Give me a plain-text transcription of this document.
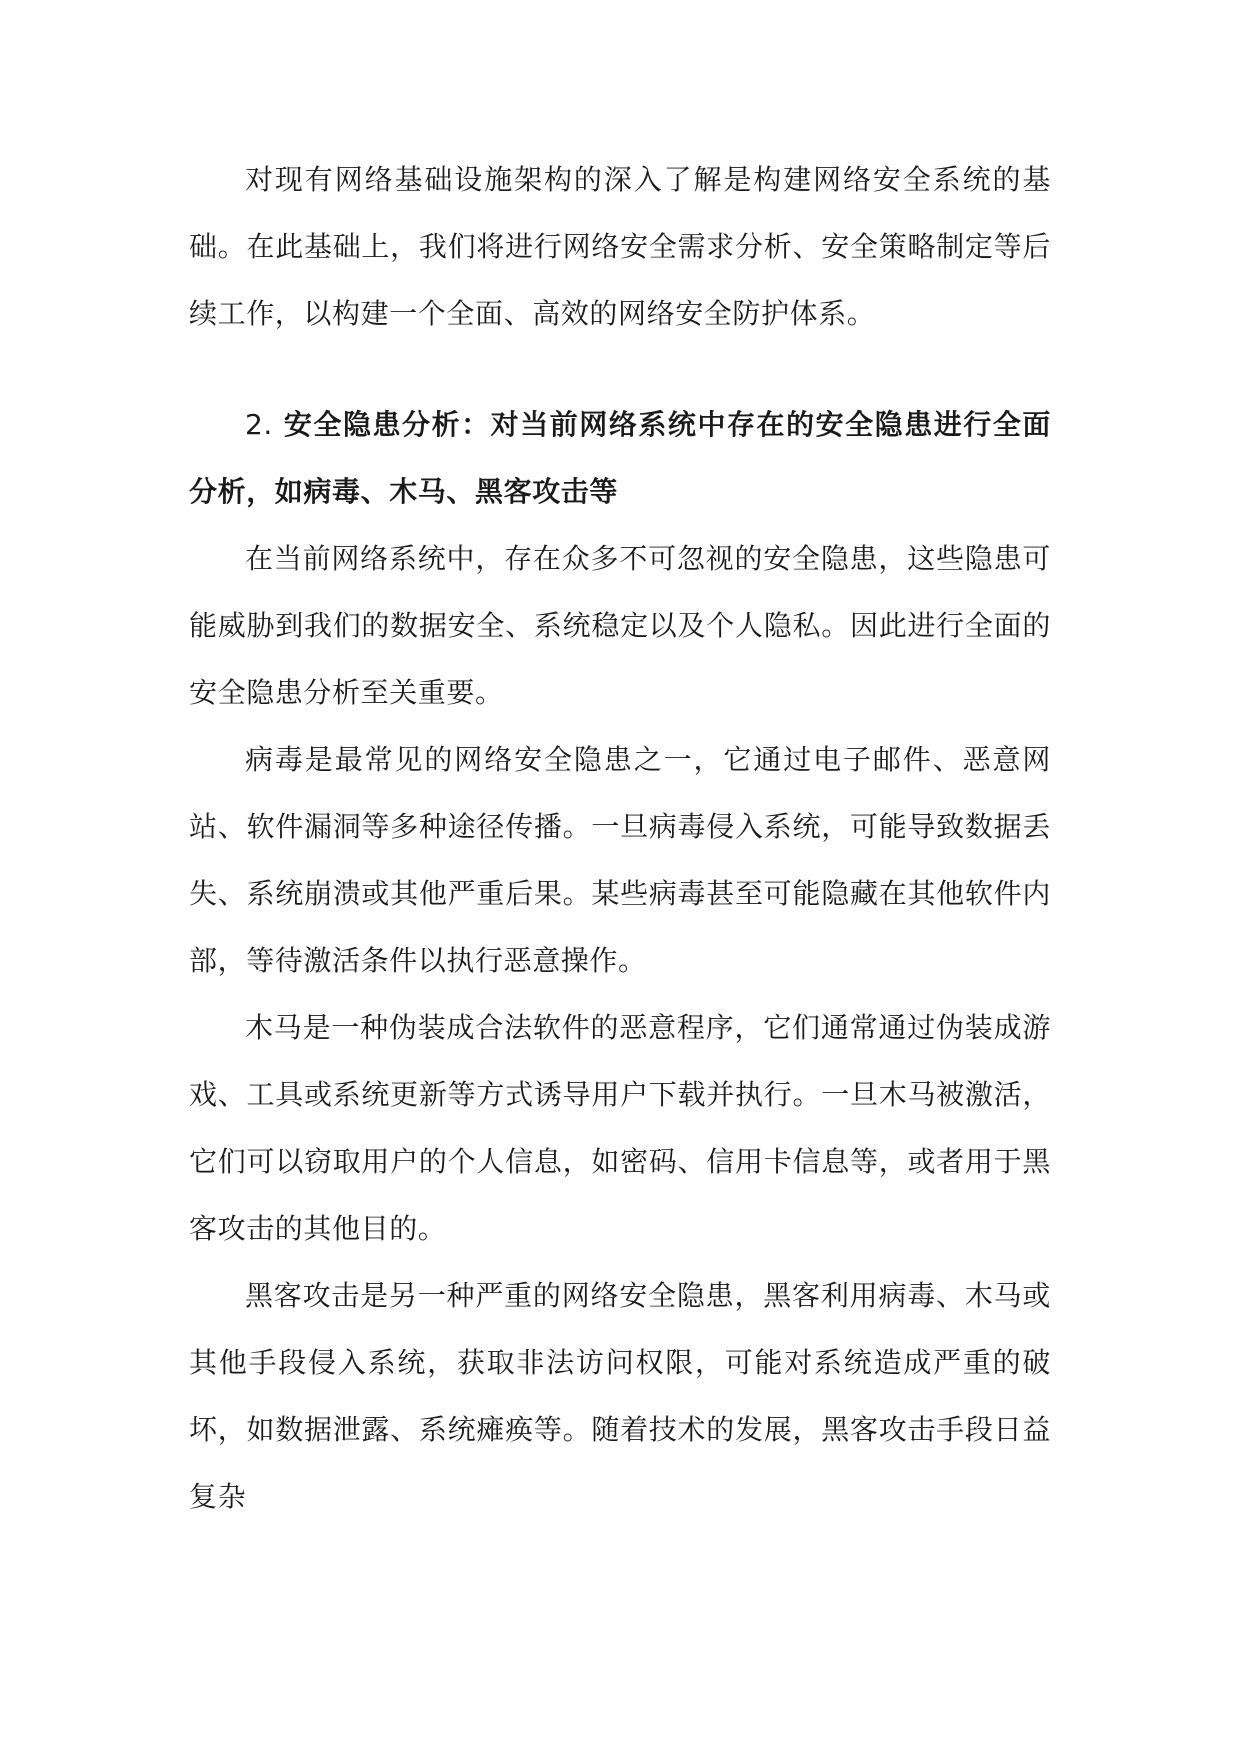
对现有网络基础设施架构的深入了解是构建网络安全系统的基础。在此基础上，我们将进行网络安全需求分析、安全策略制定等后续工作，以构建一个全面、高效的网络安全防护体系。

2. 安全隐患分析：对当前网络系统中存在的安全隐患进行全面分析，如病毒、木马、黑客攻击等

在当前网络系统中，存在众多不可忽视的安全隐患，这些隐患可能威胁到我们的数据安全、系统稳定以及个人隐私。因此进行全面的安全隐患分析至关重要。

病毒是最常见的网络安全隐患之一，它通过电子邮件、恶意网站、软件漏洞等多种途径传播。一旦病毒侵入系统，可能导致数据丢失、系统崩溃或其他严重后果。某些病毒甚至可能隐藏在其他软件内部，等待激活条件以执行恶意操作。

木马是一种伪装成合法软件的恶意程序，它们通常通过伪装成游戏、工具或系统更新等方式诱导用户下载并执行。一旦木马被激活，它们可以窃取用户的个人信息，如密码、信用卡信息等，或者用于黑客攻击的其他目的。

黑客攻击是另一种严重的网络安全隐患，黑客利用病毒、木马或其他手段侵入系统，获取非法访问权限，可能对系统造成严重的破坏，如数据泄露、系统瘫痪等。随着技术的发展，黑客攻击手段日益复杂
